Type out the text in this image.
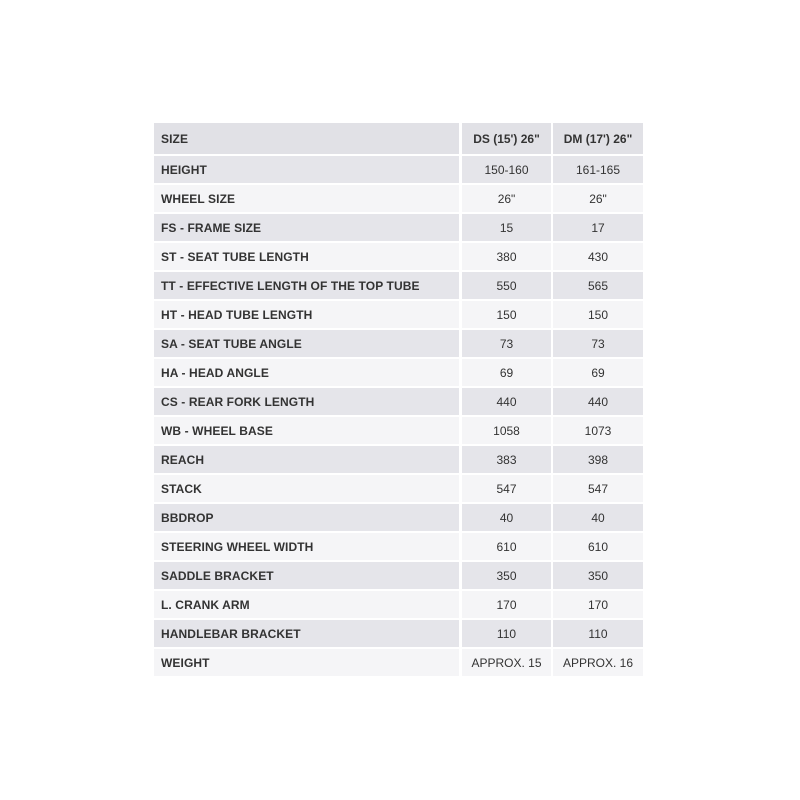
SIZE	DS (15') 26"	DM (17') 26"
HEIGHT	150-160	161-165
WHEEL SIZE	26"	26"
FS - FRAME SIZE	15	17
ST - SEAT TUBE LENGTH	380	430
TT - EFFECTIVE LENGTH OF THE TOP TUBE	550	565
HT - HEAD TUBE LENGTH	150	150
SA - SEAT TUBE ANGLE	73	73
HA - HEAD ANGLE	69	69
CS - REAR FORK LENGTH	440	440
WB - WHEEL BASE	1058	1073
REACH	383	398
STACK	547	547
BBDROP	40	40
STEERING WHEEL WIDTH	610	610
SADDLE BRACKET	350	350
L. CRANK ARM	170	170
HANDLEBAR BRACKET	110	110
WEIGHT	APPROX. 15	APPROX. 16
